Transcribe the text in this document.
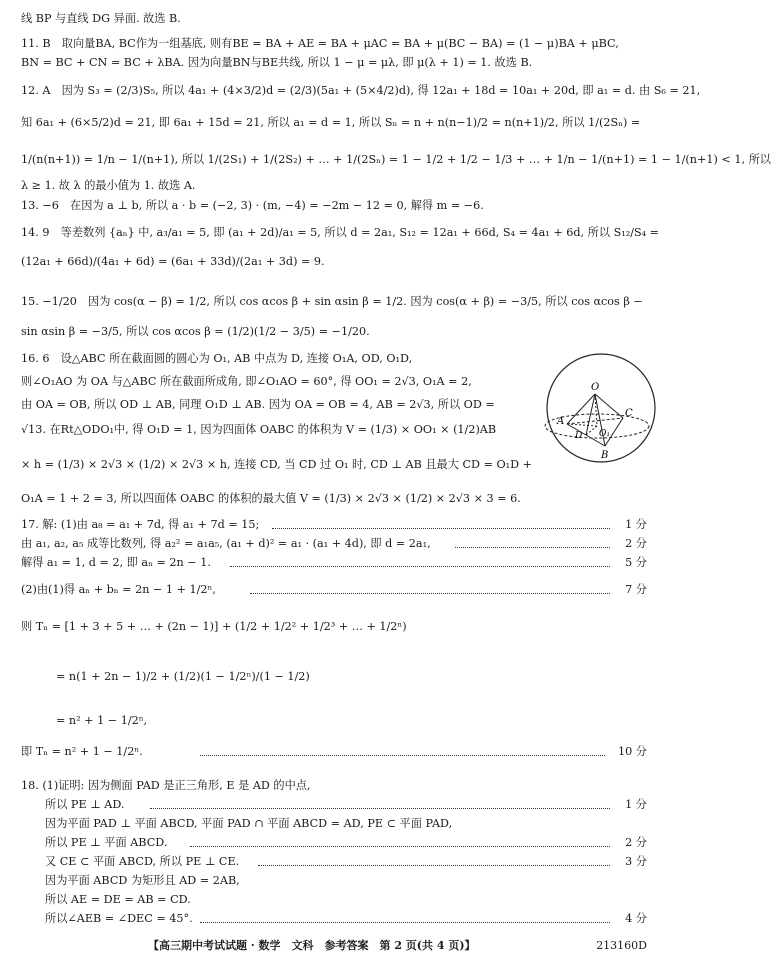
线 BP 与直线 DG 异面. 故选 B.
11. B　取向量BA, BC作为一组基底, 则有BE = BA + AE = BA + μAC = BA + μ(BC − BA) = (1 − μ)BA + μBC,
BN = BC + CN = BC + λBA. 因为向量BN与BE共线, 所以 1 − μ = μλ, 即 μ(λ + 1) = 1. 故选 B.
12. A　因为 S₃ = (2/3)S₅, 所以 4a₁ + (4×3/2)d = (2/3)(5a₁ + (5×4/2)d), 得 12a₁ + 18d = 10a₁ + 20d, 即 a₁ = d. 由 S₆ = 21,
知 6a₁ + (6×5/2)d = 21, 即 6a₁ + 15d = 21, 所以 a₁ = d = 1, 所以 Sₙ = n + n(n−1)/2 = n(n+1)/2, 所以 1/(2Sₙ) =
1/(n(n+1)) = 1/n − 1/(n+1), 所以 1/(2S₁) + 1/(2S₂) + … + 1/(2Sₙ) = 1 − 1/2 + 1/2 − 1/3 + … + 1/n − 1/(n+1) = 1 − 1/(n+1) < 1, 所以
λ ≥ 1. 故 λ 的最小值为 1. 故选 A.
13. −6　在因为 a ⊥ b, 所以 a · b = (−2, 3) · (m, −4) = −2m − 12 = 0, 解得 m = −6.
14. 9　等差数列 {aₙ} 中, a₃/a₁ = 5, 即 (a₁ + 2d)/a₁ = 5, 所以 d = 2a₁, S₁₂ = 12a₁ + 66d, S₄ = 4a₁ + 6d, 所以 S₁₂/S₄ =
(12a₁ + 66d)/(4a₁ + 6d) = (6a₁ + 33d)/(2a₁ + 3d) = 9.
15. −1/20　因为 cos(α − β) = 1/2, 所以 cos αcos β + sin αsin β = 1/2. 因为 cos(α + β) = −3/5, 所以 cos αcos β −
sin αsin β = −3/5, 所以 cos αcos β = (1/2)(1/2 − 3/5) = −1/20.
16. 6　设△ABC 所在截面圆的圆心为 O₁, AB 中点为 D, 连接 O₁A, OD, O₁D,
则∠O₁AO 为 OA 与△ABC 所在截面所成角, 即∠O₁AO = 60°, 得 OO₁ = 2√3, O₁A = 2,
由 OA = OB, 所以 OD ⊥ AB, 同理 O₁D ⊥ AB. 因为 OA = OB = 4, AB = 2√3, 所以 OD =
√13. 在Rt△ODO₁中, 得 O₁D = 1, 因为四面体 OABC 的体积为 V = (1/3) × OO₁ × (1/2)AB
× h = (1/3) × 2√3 × (1/2) × 2√3 × h, 连接 CD, 当 CD 过 O₁ 时, CD ⊥ AB 且最大 CD = O₁D +
O₁A = 1 + 2 = 3, 所以四面体 OABC 的体积的最大值 V = (1/3) × 2√3 × (1/2) × 2√3 × 3 = 6.
O
A
B
C
D O₁
17. 解: (1)由 a₈ = a₁ + 7d, 得 a₁ + 7d = 15;	1 分
由 a₁, a₂, a₅ 成等比数列, 得 a₂² = a₁a₅, (a₁ + d)² = a₁ · (a₁ + 4d), 即 d = 2a₁,	2 分
解得 a₁ = 1, d = 2, 即 aₙ = 2n − 1.	5 分
(2)由(1)得 aₙ + bₙ = 2n − 1 + 1/2ⁿ,	7 分
则 Tₙ = [1 + 3 + 5 + … + (2n − 1)] + (1/2 + 1/2² + 1/2³ + … + 1/2ⁿ)
= n(1 + 2n − 1)/2 + (1/2)(1 − 1/2ⁿ)/(1 − 1/2)
= n² + 1 − 1/2ⁿ,
即 Tₙ = n² + 1 − 1/2ⁿ.	10 分
18. (1)证明: 因为侧面 PAD 是正三角形, E 是 AD 的中点,
所以 PE ⊥ AD.	1 分
因为平面 PAD ⊥ 平面 ABCD, 平面 PAD ∩ 平面 ABCD = AD, PE ⊂ 平面 PAD,
所以 PE ⊥ 平面 ABCD.	2 分
又 CE ⊂ 平面 ABCD, 所以 PE ⊥ CE.	3 分
因为平面 ABCD 为矩形且 AD = 2AB,
所以 AE = DE = AB = CD.
所以∠AEB = ∠DEC = 45°.	4 分
【高三期中考试试题 · 数学　文科　参考答案　第 2 页(共 4 页)】	213160D
